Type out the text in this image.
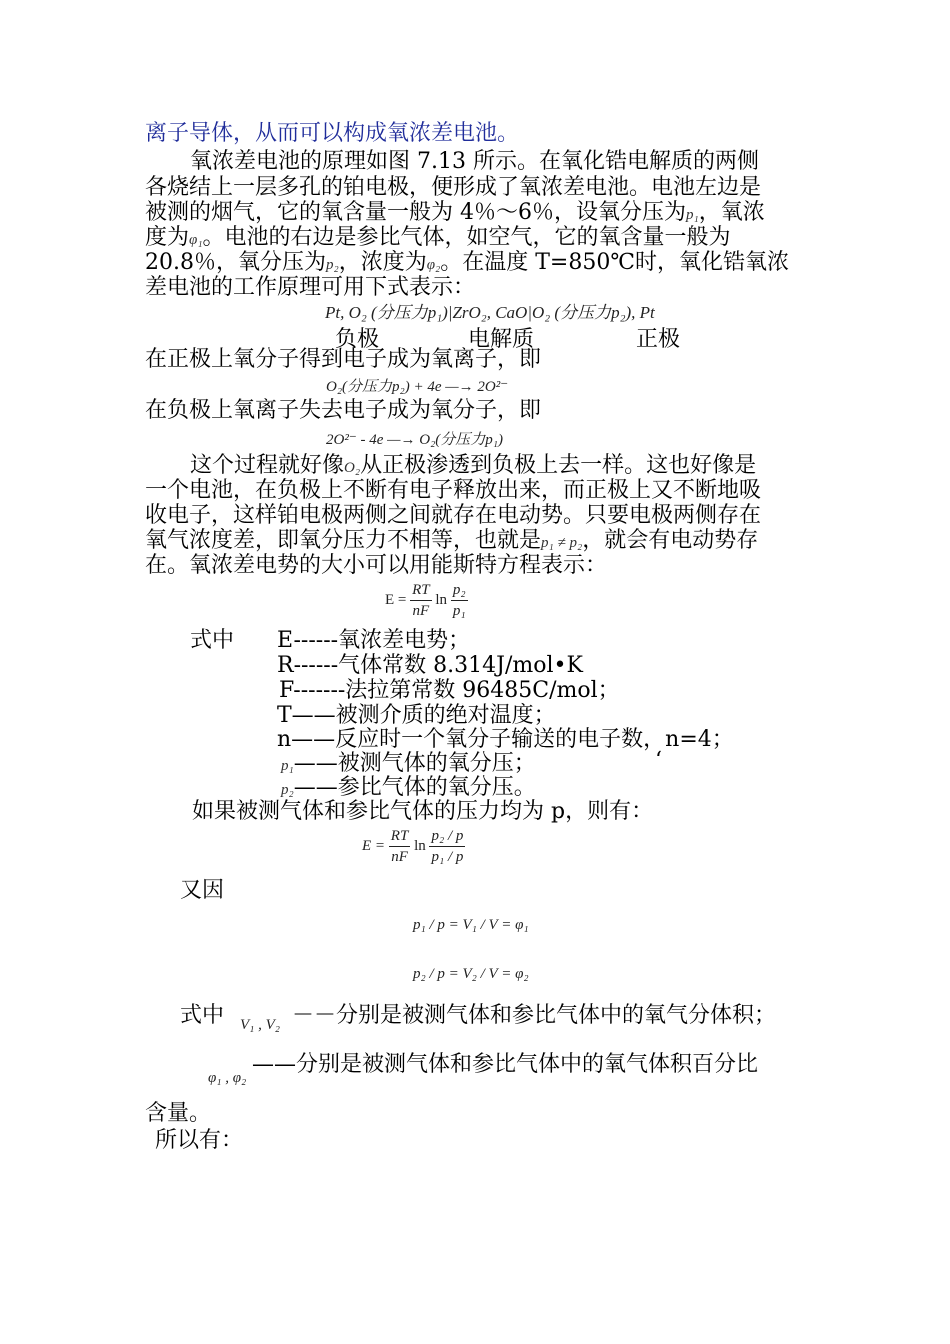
离子导体，从而可以构成氧浓差电池。
氧浓差电池的原理如图 7.13 所示。在氧化锆电解质的两侧
各烧结上一层多孔的铂电极，便形成了氧浓差电池。电池左边是
被测的烟气，它的氧含量一般为 4％～6％，设氧分压为p₁，氧浓
度为φ₁。电池的右边是参比气体，如空气，它的氧含量一般为
20.8％，氧分压为p₂，浓度为φ₂。在温度 T=850℃时，氧化锆氧浓
差电池的工作原理可用下式表示：
Pt, O₂ (分压力p₁)|ZrO₂, CaO|O₂ (分压力p₂), Pt
负极	电解质	正极
在正极上氧分子得到电子成为氧离子，即
O₂(分压力p₂) + 4e —→ 2O²⁻
在负极上氧离子失去电子成为氧分子，即
2O²⁻ - 4e —→ O₂(分压力p₁)
这个过程就好像O₂从正极渗透到负极上去一样。这也好像是
一个电池，在负极上不断有电子释放出来，而正极上又不断地吸
收电子，这样铂电极两侧之间就存在电动势。只要电极两侧存在
氧气浓度差，即氧分压力不相等，也就是p₁ ≠ p₂，就会有电动势存
在。氧浓差电势的大小可以用能斯特方程表示：
$E = \frac{RT}{nF}$ $\ln \frac{\text{p₂}}{\text{p₁}}$
式中 E------氧浓差电势；
R------气体常数 8.314J/mol•K
F-------法拉第常数 96485C/mol；
T——被测介质的绝对温度；
n——反应时一个氧分子输送的电子数，n=4；
p₁——被测气体的氧分压；	‘
p₂——参比气体的氧分压。
如果被测气体和参比气体的压力均为 p，则有：
$E = \frac{RT}{nF}$ $\ln \frac{\text{p₂ / p}}{\text{p₁ / p}}$
又因
p₁ / p = V₁ / V = φ₁
p₂ / p = V₂ / V = φ₂
式中 V₁ , V₂ －－分别是被测气体和参比气体中的氧气分体积；
φ₁ , φ₂
——分别是被测气体和参比气体中的氧气体积百分比
含量。
所以有：
